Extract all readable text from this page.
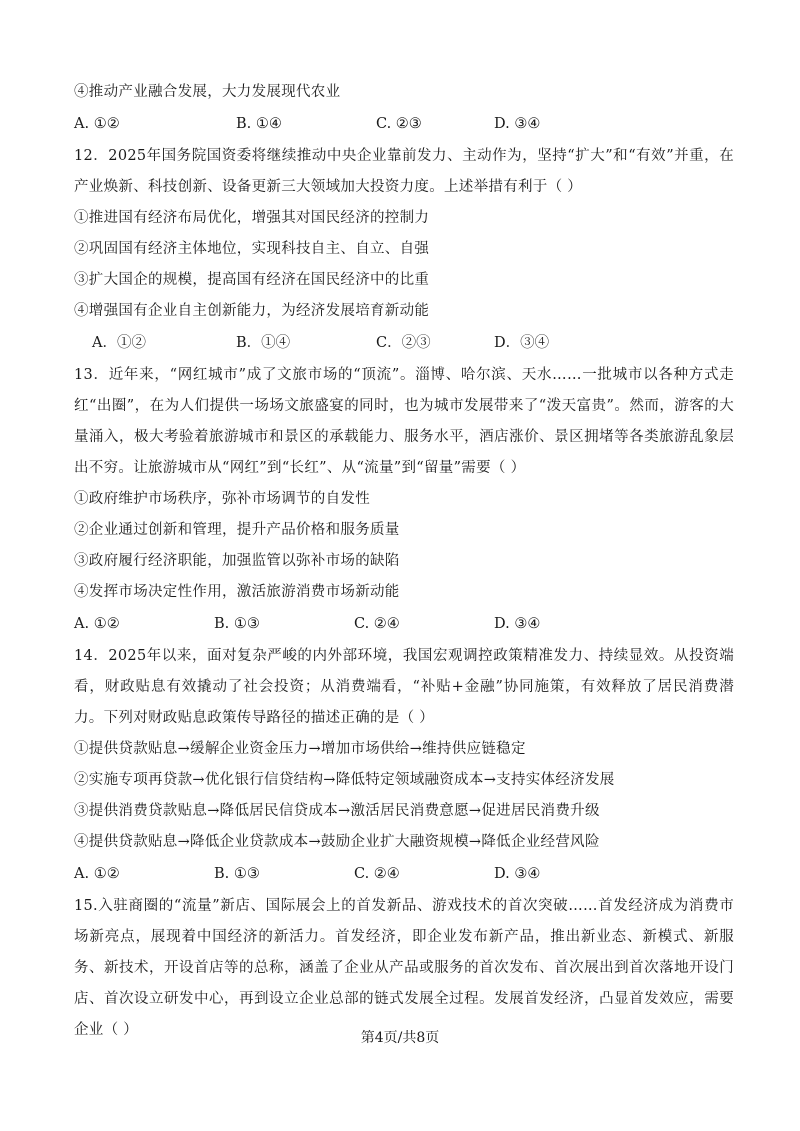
④推动产业融合发展，大力发展现代农业
A. ①②	B. ①④	C. ②③	D. ③④
12．2025年国务院国资委将继续推动中央企业靠前发力、主动作为，坚持“扩大”和“有效”并重，在产业焕新、科技创新、设备更新三大领域加大投资力度。上述举措有利于（ ）
①推进国有经济布局优化，增强其对国民经济的控制力
②巩固国有经济主体地位，实现科技自主、自立、自强
③扩大国企的规模，提高国有经济在国民经济中的比重
④增强国有企业自主创新能力，为经济发展培育新动能
A．①②	B．①④	C．②③	D．③④
13．近年来，“网红城市”成了文旅市场的“顶流”。淄博、哈尔滨、天水……一批城市以各种方式走红“出圈”，在为人们提供一场场文旅盛宴的同时，也为城市发展带来了“泼天富贵”。然而，游客的大量涌入，极大考验着旅游城市和景区的承载能力、服务水平，酒店涨价、景区拥堵等各类旅游乱象层出不穷。让旅游城市从“网红”到“长红”、从“流量”到“留量”需要（ ）
①政府维护市场秩序，弥补市场调节的自发性
②企业通过创新和管理，提升产品价格和服务质量
③政府履行经济职能，加强监管以弥补市场的缺陷
④发挥市场决定性作用，激活旅游消费市场新动能
A. ①②	B. ①③	C. ②④	D. ③④
14．2025年以来，面对复杂严峻的内外部环境，我国宏观调控政策精准发力、持续显效。从投资端看，财政贴息有效撬动了社会投资；从消费端看，“补贴+金融”协同施策，有效释放了居民消费潜力。下列对财政贴息政策传导路径的描述正确的是（ ）
①提供贷款贴息→缓解企业资金压力→增加市场供给→维持供应链稳定
②实施专项再贷款→优化银行信贷结构→降低特定领域融资成本→支持实体经济发展
③提供消费贷款贴息→降低居民信贷成本→激活居民消费意愿→促进居民消费升级
④提供贷款贴息→降低企业贷款成本→鼓励企业扩大融资规模→降低企业经营风险
A. ①②	B. ①③	C. ②④	D. ③④
15.入驻商圈的“流量”新店、国际展会上的首发新品、游戏技术的首次突破……首发经济成为消费市场新亮点，展现着中国经济的新活力。首发经济，即企业发布新产品，推出新业态、新模式、新服务、新技术，开设首店等的总称，涵盖了企业从产品或服务的首次发布、首次展出到首次落地开设门店、首次设立研发中心，再到设立企业总部的链式发展全过程。发展首发经济，凸显首发效应，需要企业（ ）	第4页/共8页
